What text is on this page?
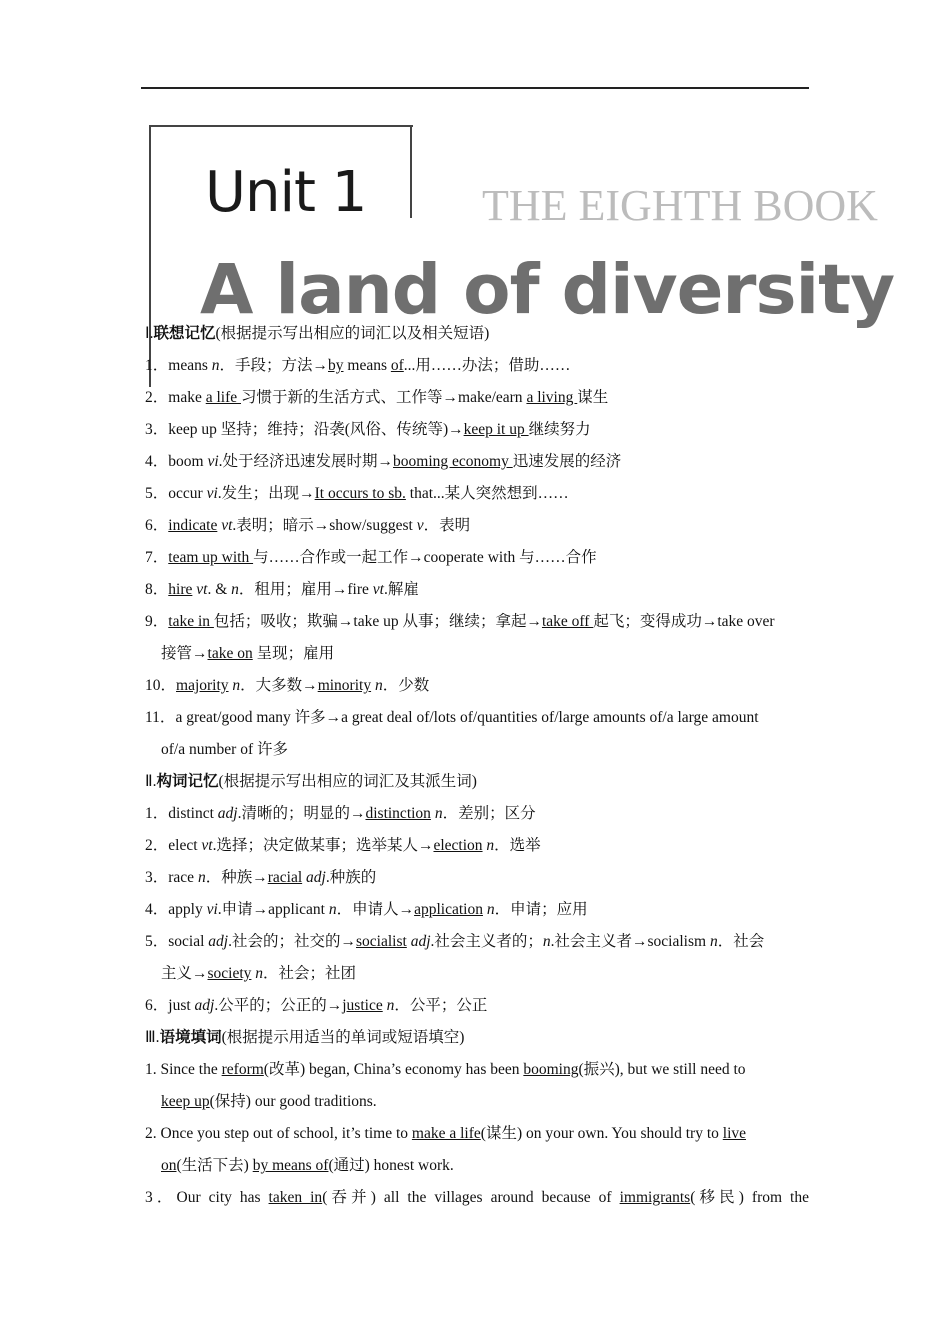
Unit 1	THE EIGHTH BOOK
A land of diversity
Ⅰ.联想记忆(根据提示写出相应的词汇以及相关短语)
1．means n．手段；方法→by means of...用……办法；借助……
2．make a life 习惯于新的生活方式、工作等→make/earn a living 谋生
3．keep up 坚持；维持；沿袭(风俗、传统等)→keep it up 继续努力
4．boom vi.处于经济迅速发展时期→booming economy 迅速发展的经济
5．occur vi.发生；出现→It occurs to sb. that...某人突然想到……
6．indicate vt.表明；暗示→show/suggest v．表明
7．team up with 与……合作或一起工作→cooperate with 与……合作
8．hire vt. & n．租用；雇用→fire vt.解雇
9．take in 包括；吸收；欺骗→take up 从事；继续；拿起→take off 起飞；变得成功→take over
接管→take on 呈现；雇用
10．majority n．大多数→minority n．少数
11．a great/good many 许多→a great deal of/lots of/quantities of/large amounts of/a large amount
of/a number of 许多
Ⅱ.构词记忆(根据提示写出相应的词汇及其派生词)
1．distinct adj.清晰的；明显的→distinction n．差别；区分
2．elect vt.选择；决定做某事；选举某人→election n．选举
3．race n．种族→racial adj.种族的
4．apply vi.申请→applicant n．申请人→application n．申请；应用
5．social adj.社会的；社交的→socialist adj.社会主义者的；n.社会主义者→socialism n．社会
主义→society n．社会；社团
6．just adj.公平的；公正的→justice n．公平；公正
Ⅲ.语境填词(根据提示用适当的单词或短语填空)
1. Since the reform(改革) began, China’s economy has been booming(振兴), but we still need to
keep up(保持) our good traditions.
2. Once you step out of school, it’s time to make a life(谋生) on your own. You should try to live
on(生活下去) by means of(通过) honest work.
3．Our city has taken in(吞并) all the villages around because of immigrants(移民) from the
